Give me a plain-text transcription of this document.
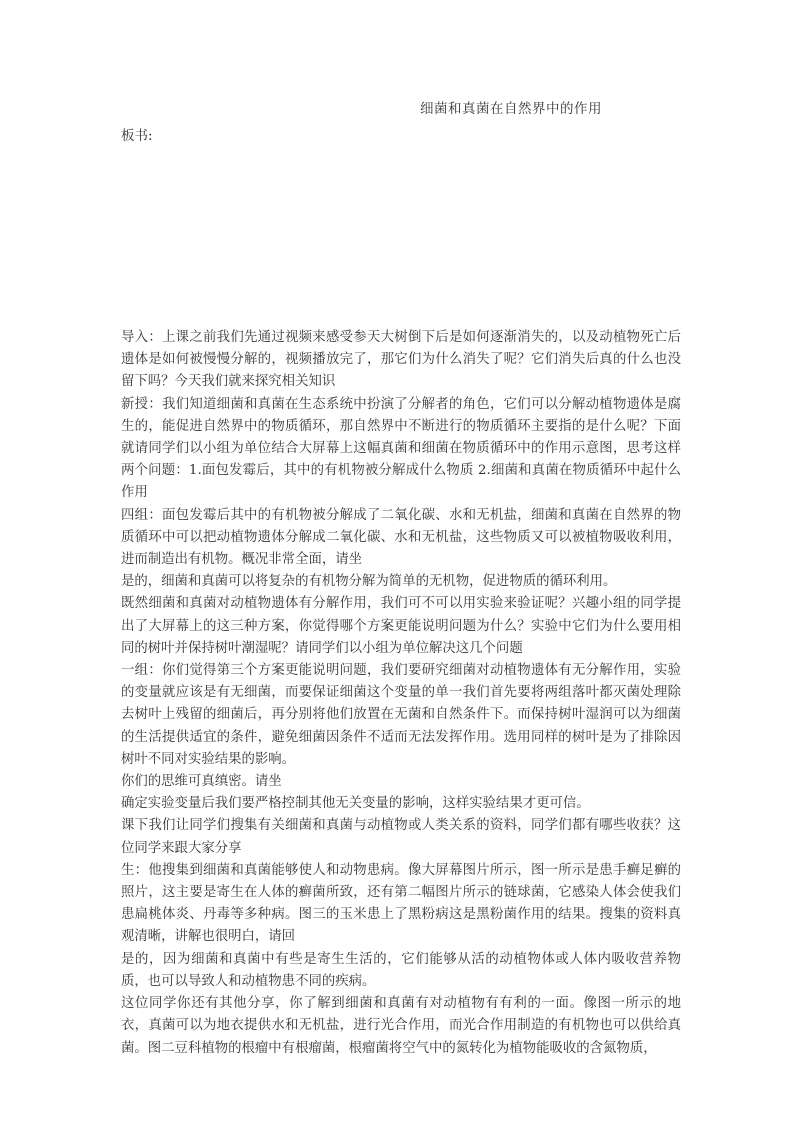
细菌和真菌在自然界中的作用
板书:

导入：上课之前我们先通过视频来感受参天大树倒下后是如何逐渐消失的，以及动植物死亡后遗体是如何被慢慢分解的，视频播放完了，那它们为什么消失了呢？它们消失后真的什么也没留下吗？今天我们就来探究相关知识

新授：我们知道细菌和真菌在生态系统中扮演了分解者的角色，它们可以分解动植物遗体是腐生的，能促进自然界中的物质循环，那自然界中不断进行的物质循环主要指的是什么呢？下面就请同学们以小组为单位结合大屏幕上这幅真菌和细菌在物质循环中的作用示意图，思考这样两个问题：1.面包发霉后，其中的有机物被分解成什么物质 2.细菌和真菌在物质循环中起什么作用

四组：面包发霉后其中的有机物被分解成了二氧化碳、水和无机盐，细菌和真菌在自然界的物质循环中可以把动植物遗体分解成二氧化碳、水和无机盐，这些物质又可以被植物吸收利用，进而制造出有机物。概况非常全面，请坐

是的，细菌和真菌可以将复杂的有机物分解为简单的无机物，促进物质的循环利用。

既然细菌和真菌对动植物遗体有分解作用，我们可不可以用实验来验证呢？兴趣小组的同学提出了大屏幕上的这三种方案，你觉得哪个方案更能说明问题为什么？实验中它们为什么要用相同的树叶并保持树叶潮湿呢？请同学们以小组为单位解决这几个问题

一组：你们觉得第三个方案更能说明问题，我们要研究细菌对动植物遗体有无分解作用，实验的变量就应该是有无细菌，而要保证细菌这个变量的单一我们首先要将两组落叶都灭菌处理除去树叶上残留的细菌后，再分别将他们放置在无菌和自然条件下。而保持树叶湿润可以为细菌的生活提供适宜的条件，避免细菌因条件不适而无法发挥作用。选用同样的树叶是为了排除因树叶不同对实验结果的影响。

你们的思维可真缜密。请坐

确定实验变量后我们要严格控制其他无关变量的影响，这样实验结果才更可信。

课下我们让同学们搜集有关细菌和真菌与动植物或人类关系的资料，同学们都有哪些收获？这位同学来跟大家分享

生：他搜集到细菌和真菌能够使人和动物患病。像大屏幕图片所示，图一所示是患手癣足癣的照片，这主要是寄生在人体的癣菌所致，还有第二幅图片所示的链球菌，它感染人体会使我们患扁桃体炎、丹毒等多种病。图三的玉米患上了黑粉病这是黑粉菌作用的结果。搜集的资料真观清晰，讲解也很明白，请回

是的，因为细菌和真菌中有些是寄生生活的，它们能够从活的动植物体或人体内吸收营养物质，也可以导致人和动植物患不同的疾病。

这位同学你还有其他分享，你了解到细菌和真菌有对动植物有有利的一面。像图一所示的地衣，真菌可以为地衣提供水和无机盐，进行光合作用，而光合作用制造的有机物也可以供给真菌。图二豆科植物的根瘤中有根瘤菌，根瘤菌将空气中的氮转化为植物能吸收的含氮物质，
